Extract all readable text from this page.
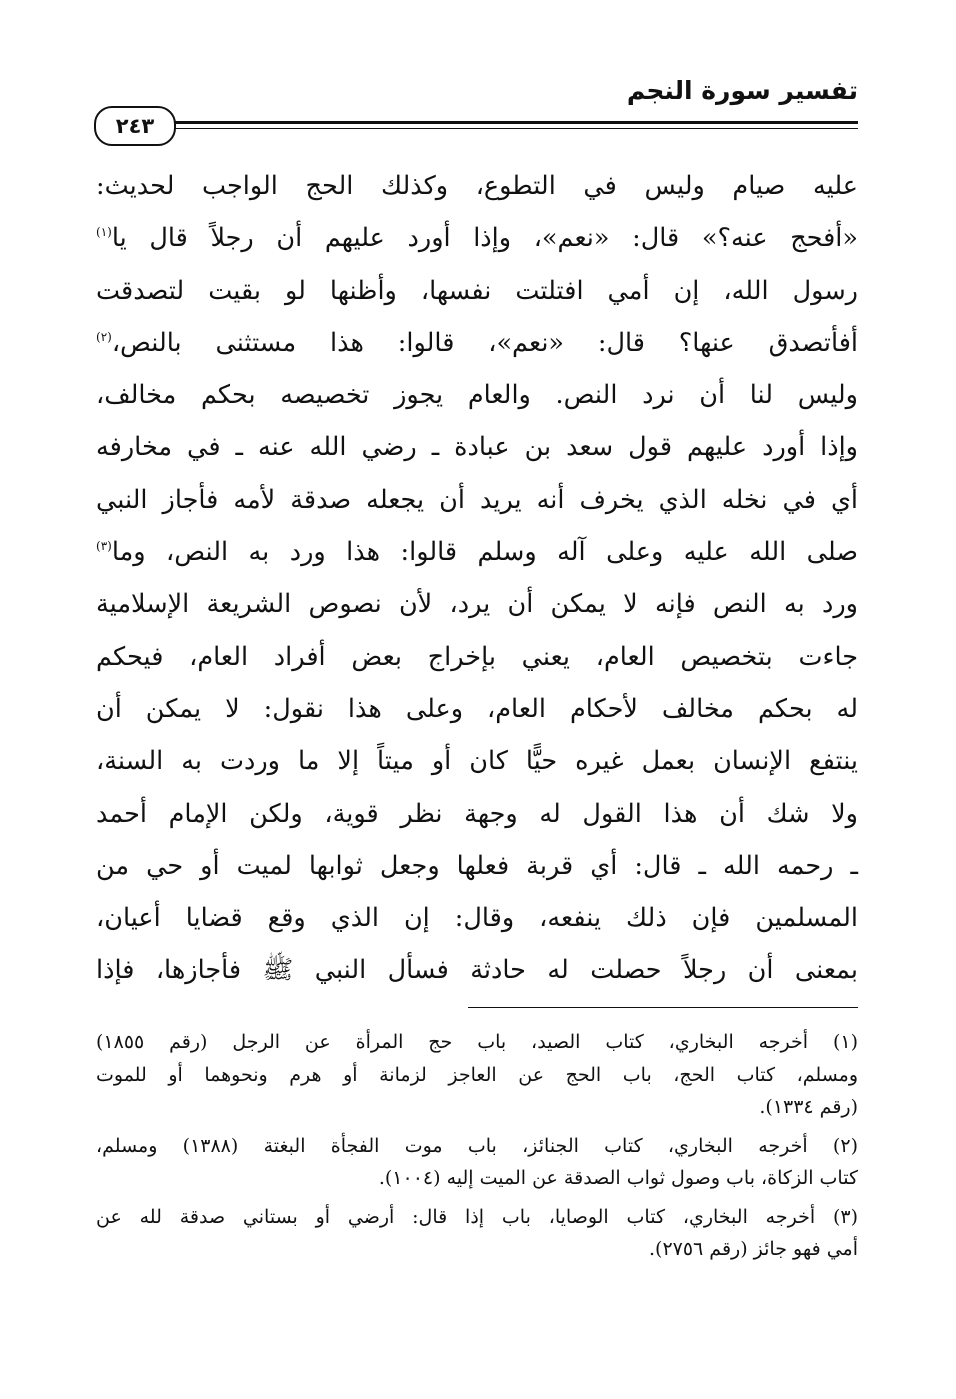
تفسير سورة النجم
٢٤٣
عليه صيام وليس في التطوع، وكذلك الحج الواجب لحديث:
«أفحج عنه؟» قال: «نعم»، وإذا أورد عليهم أن رجلاً قال يا$^{(١)}$
رسول الله، إن أمي افتلتت نفسها، وأظنها لو بقيت لتصدقت
أفأتصدق عنها؟ قال: «نعم»، قالوا: هذا مستثنى بالنص،$^{(٢)}$
وليس لنا أن نرد النص. والعام يجوز تخصيصه بحكم مخالف،
وإذا أورد عليهم قول سعد بن عبادة ـ رضي الله عنه ـ في مخارفه
أي في نخله الذي يخرف أنه يريد أن يجعله صدقة لأمه فأجاز النبي
صلى الله عليه وعلى آله وسلم قالوا: هذا ورد به النص، وما$^{(٣)}$
ورد به النص فإنه لا يمكن أن يرد، لأن نصوص الشريعة الإسلامية
جاءت بتخصيص العام، يعني بإخراج بعض أفراد العام، فيحكم
له بحكم مخالف لأحكام العام، وعلى هذا نقول: لا يمكن أن
ينتفع الإنسان بعمل غيره حيًّا كان أو ميتاً إلا ما وردت به السنة،
ولا شك أن هذا القول له وجهة نظر قوية، ولكن الإمام أحمد
ـ رحمه الله ـ قال: أي قربة فعلها وجعل ثوابها لميت أو حي من
المسلمين فإن ذلك ينفعه، وقال: إن الذي وقع قضايا أعيان،
بمعنى أن رجلاً حصلت له حادثة فسأل النبي ﷺ فأجازها، فإذا
(١) أخرجه البخاري، كتاب الصيد، باب حج المرأة عن الرجل (رقم ١٨٥٥)
ومسلم، كتاب الحج، باب الحج عن العاجز لزمانة أو هرم ونحوهما أو للموت
(رقم ١٣٣٤).
(٢) أخرجه البخاري، كتاب الجنائز، باب موت الفجأة البغتة (١٣٨٨) ومسلم،
كتاب الزكاة، باب وصول ثواب الصدقة عن الميت إليه (١٠٠٤).
(٣) أخرجه البخاري، كتاب الوصايا، باب إذا قال: أرضي أو بستاني صدقة لله عن
أمي فهو جائز (رقم ٢٧٥٦).
